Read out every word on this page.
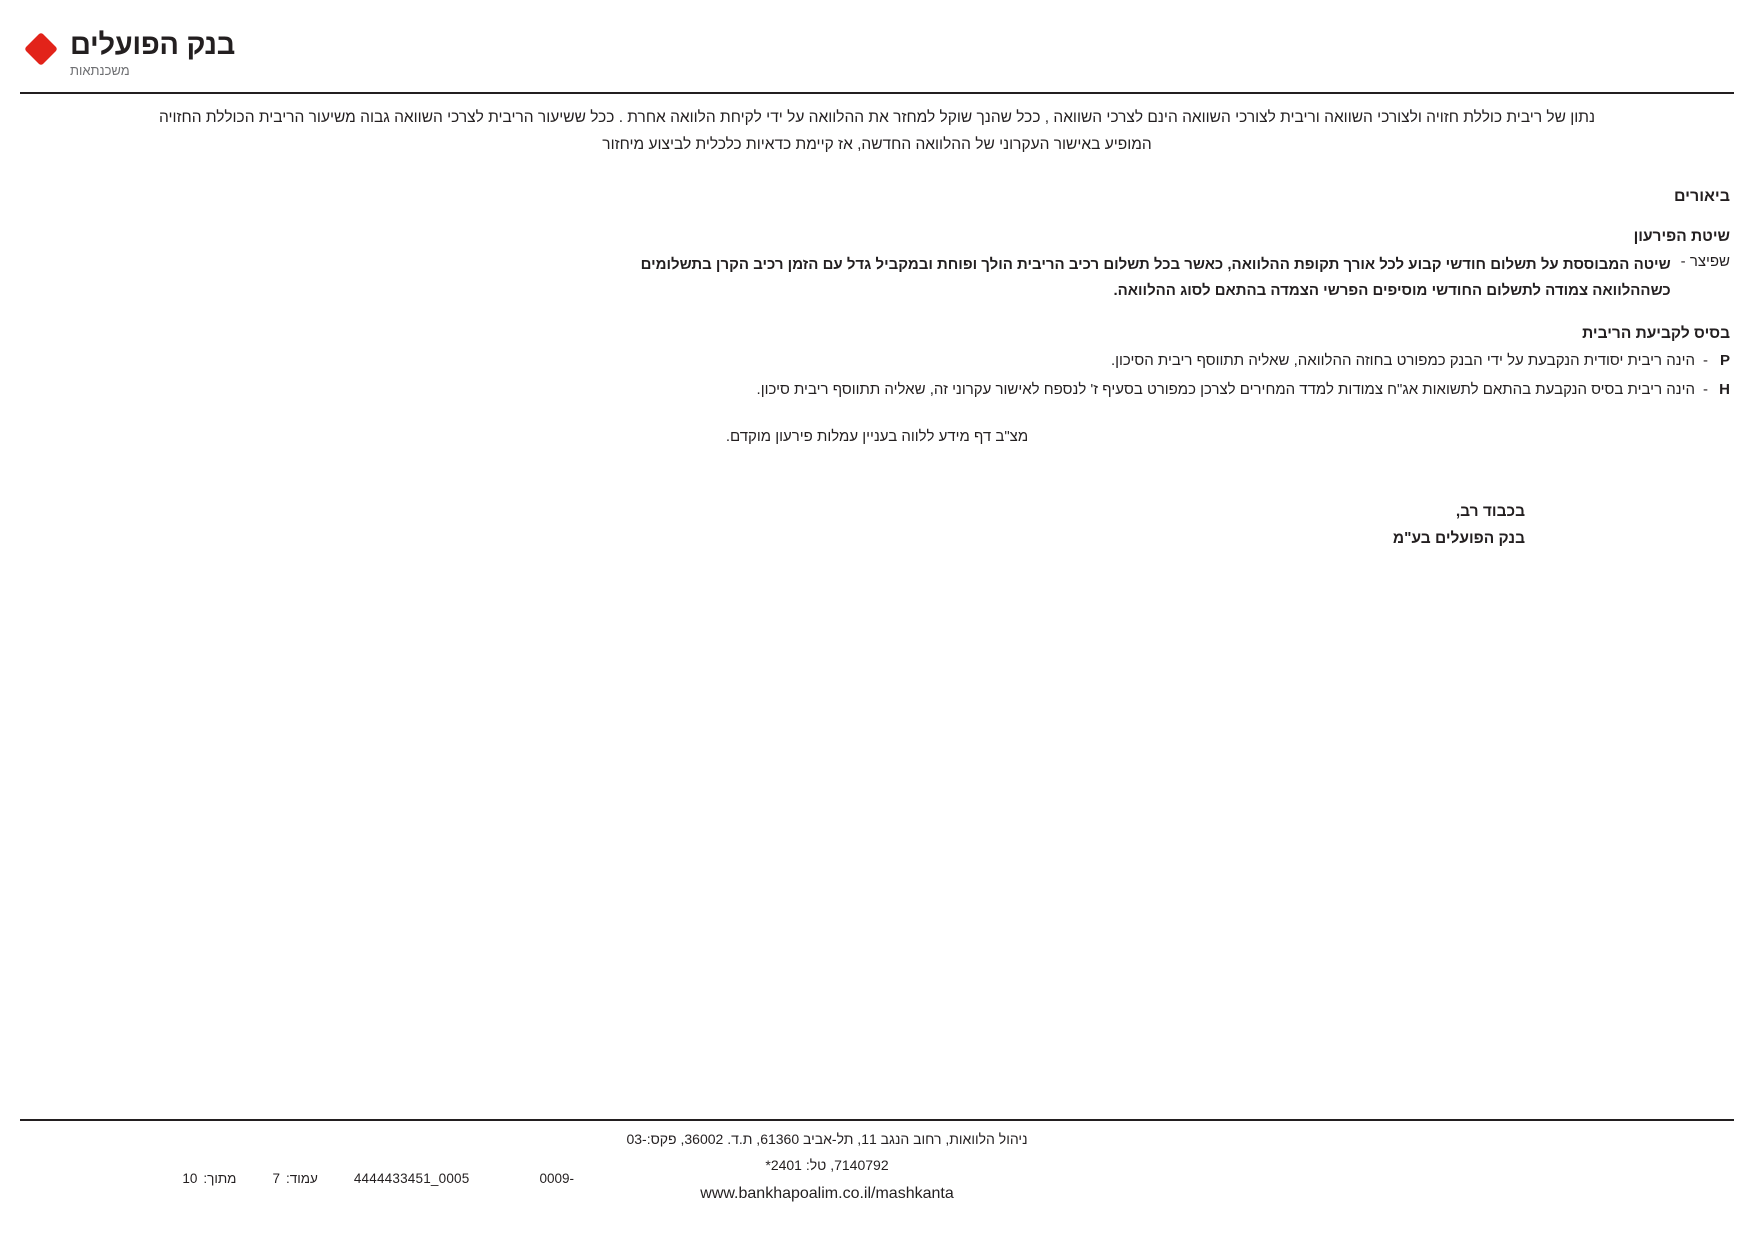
בנק הפועלים
משכנתאות

נתון של ריבית כוללת חזויה ולצורכי השוואה וריבית לצורכי השוואה הינם לצרכי השוואה , ככל שהנך שוקל למחזר את ההלוואה על ידי לקיחת הלוואה אחרת . ככל ששיעור הריבית לצרכי השוואה גבוה משיעור הריבית הכוללת החזויה
המופיע באישור העקרוני של ההלוואה החדשה, אז קיימת כדאיות כלכלית לביצוע מיחזור

ביאורים
שיטת הפירעון
שפיצר -
שיטה המבוססת על תשלום חודשי קבוע לכל אורך תקופת ההלוואה, כאשר בכל תשלום רכיב הריבית הולך ופוחת ובמקביל גדל עם הזמן רכיב הקרן בתשלומים
כשההלוואה צמודה לתשלום החודשי מוסיפים הפרשי הצמדה בהתאם לסוג ההלוואה.
בסיס לקביעת הריבית
P
-
הינה ריבית יסודית הנקבעת על ידי הבנק כמפורט בחוזה ההלוואה, שאליה תתווסף ריבית הסיכון.
H
-
הינה ריבית בסיס הנקבעת בהתאם לתשואות אג"ח צמודות למדד המחירים לצרכן כמפורט בסעיף ז' לנספח לאישור עקרוני זה, שאליה תתווסף ריבית סיכון.
מצ"ב דף מידע ללווה בעניין עמלות פירעון מוקדם.
בכבוד רב,
בנק הפועלים בע"מ
ניהול הלוואות, רחוב הנגב 11, תל-אביב 61360, ת.ד. 36002, פקס:03-7140792, טל: 2401*
www.bankhapoalim.co.il/mashkanta
0009-
4444433451_0005
עמוד:
7
מתוך:
10
